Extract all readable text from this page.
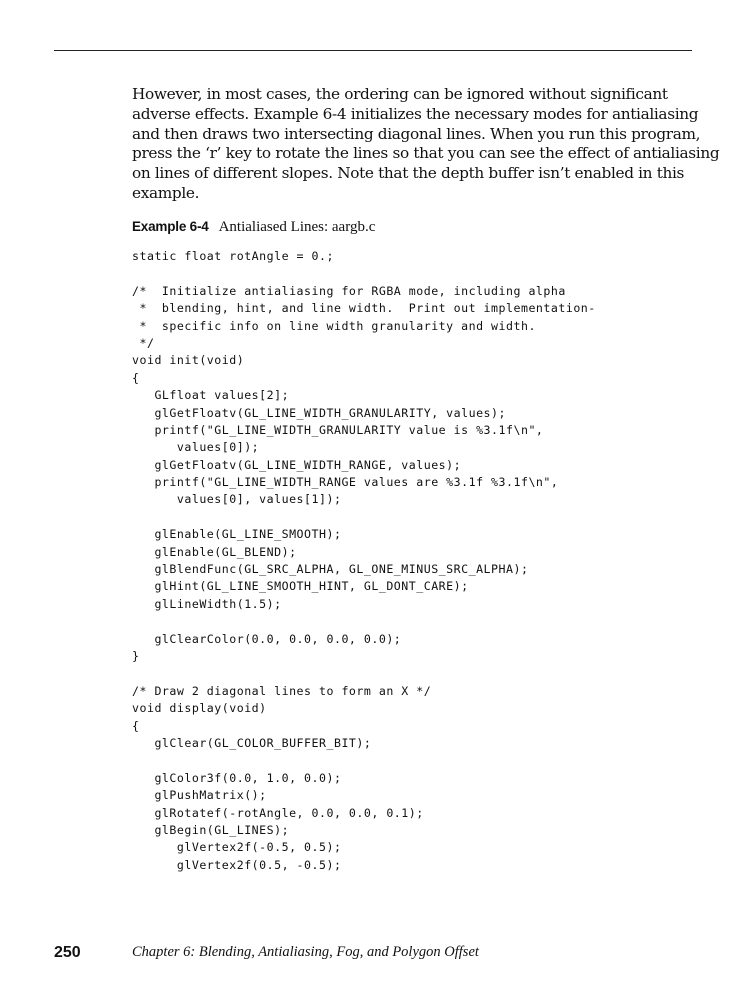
However, in most cases, the ordering can be ignored without significant
adverse effects. Example 6-4 initializes the necessary modes for antialiasing
and then draws two intersecting diagonal lines. When you run this program,
press the ‘r’ key to rotate the lines so that you can see the effect of antialiasing
on lines of different slopes. Note that the depth buffer isn’t enabled in this
example.
Example 6-4 Antialiased Lines: aargb.c
static float rotAngle = 0.;
/*  Initialize antialiasing for RGBA mode, including alpha
*  blending, hint, and line width.  Print out implementation-
*  specific info on line width granularity and width.
*/
void init(void)
{
GLfloat values[2];
glGetFloatv(GL_LINE_WIDTH_GRANULARITY, values);
printf("GL_LINE_WIDTH_GRANULARITY value is %3.1f\n",
values[0]);
glGetFloatv(GL_LINE_WIDTH_RANGE, values);
printf("GL_LINE_WIDTH_RANGE values are %3.1f %3.1f\n",
values[0], values[1]);
glEnable(GL_LINE_SMOOTH);
glEnable(GL_BLEND);
glBlendFunc(GL_SRC_ALPHA, GL_ONE_MINUS_SRC_ALPHA);
glHint(GL_LINE_SMOOTH_HINT, GL_DONT_CARE);
glLineWidth(1.5);
glClearColor(0.0, 0.0, 0.0, 0.0);
}
/* Draw 2 diagonal lines to form an X */
void display(void)
{
glClear(GL_COLOR_BUFFER_BIT);
glColor3f(0.0, 1.0, 0.0);
glPushMatrix();
glRotatef(-rotAngle, 0.0, 0.0, 0.1);
glBegin(GL_LINES);
glVertex2f(-0.5, 0.5);
glVertex2f(0.5, -0.5);
250	Chapter 6: Blending, Antialiasing, Fog, and Polygon Offset
